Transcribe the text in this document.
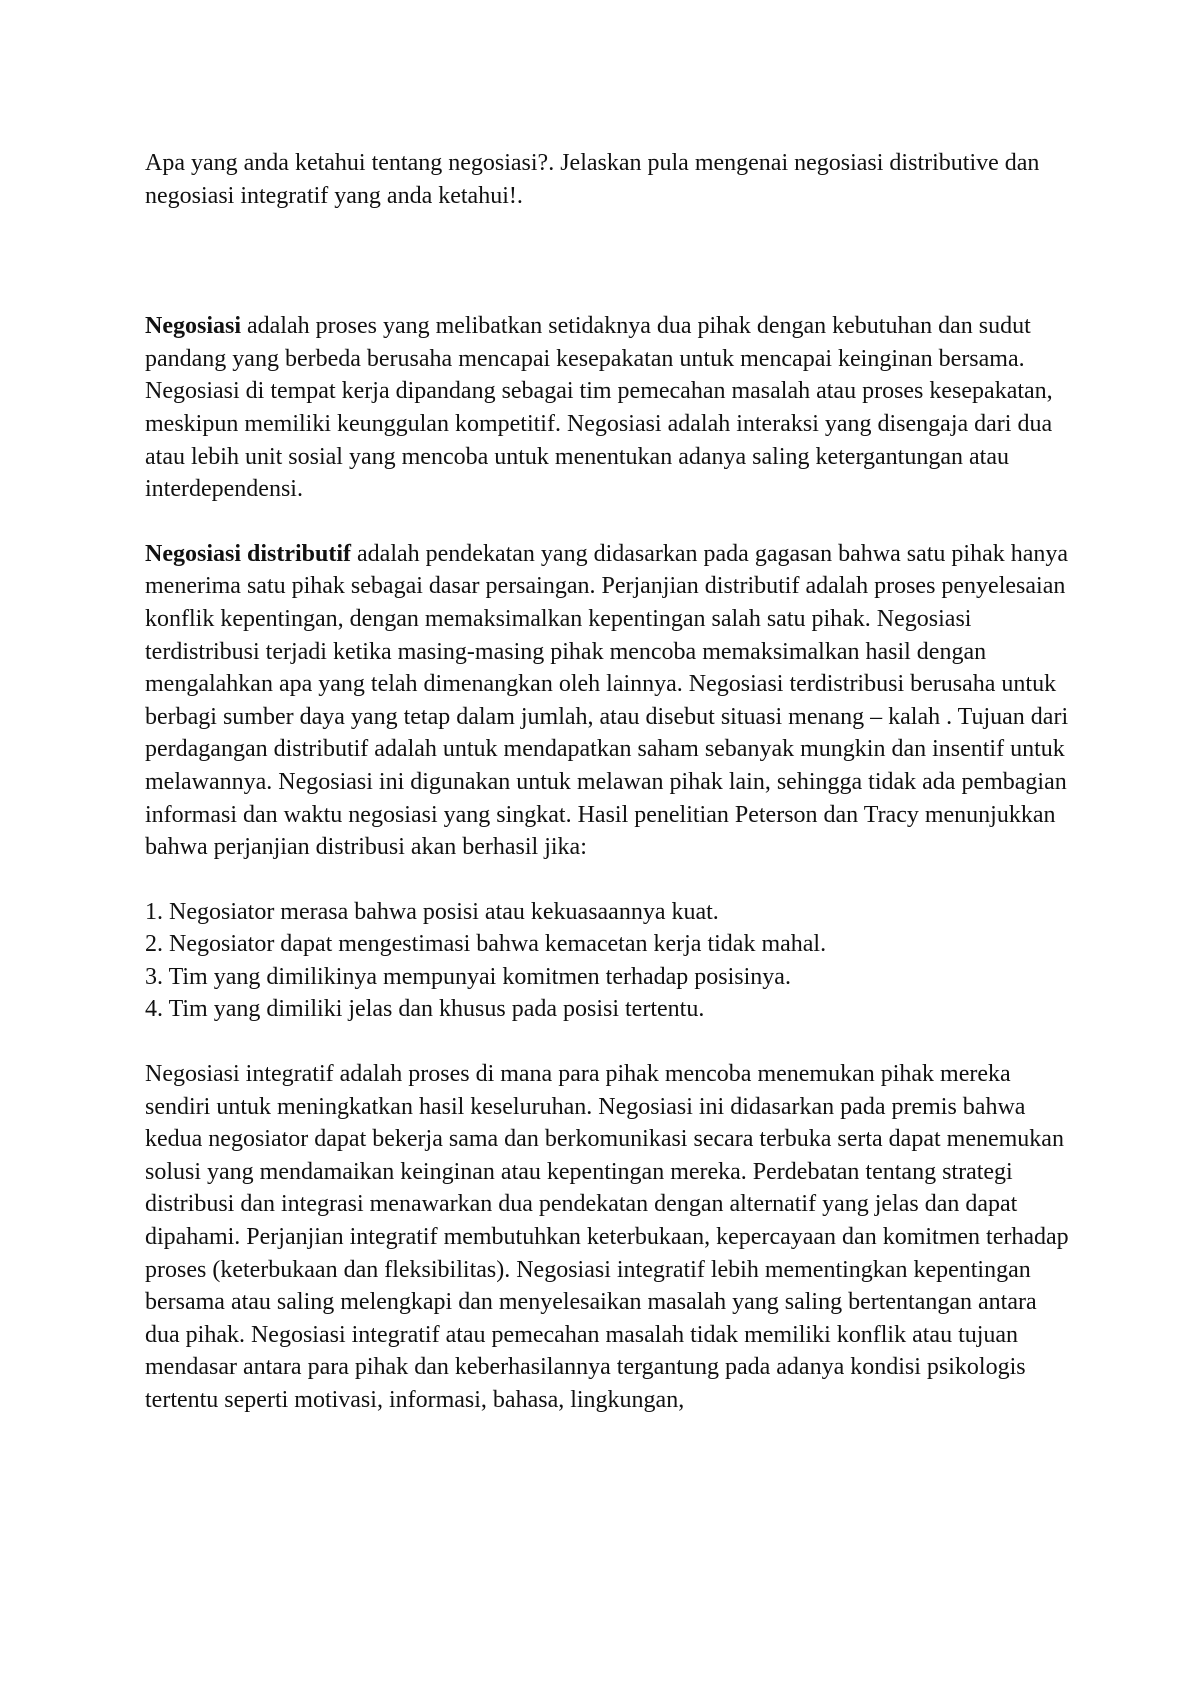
Apa yang anda ketahui tentang negosiasi?. Jelaskan pula mengenai negosiasi distributive dan negosiasi integratif yang anda ketahui!.

Negosiasi adalah proses yang melibatkan setidaknya dua pihak dengan kebutuhan dan sudut pandang yang berbeda berusaha mencapai kesepakatan untuk mencapai keinginan bersama. Negosiasi di tempat kerja dipandang sebagai tim pemecahan masalah atau proses kesepakatan, meskipun memiliki keunggulan kompetitif. Negosiasi adalah interaksi yang disengaja dari dua atau lebih unit sosial yang mencoba untuk menentukan adanya saling ketergantungan atau interdependensi.

Negosiasi distributif adalah pendekatan yang didasarkan pada gagasan bahwa satu pihak hanya menerima satu pihak sebagai dasar persaingan. Perjanjian distributif adalah proses penyelesaian konflik kepentingan, dengan memaksimalkan kepentingan salah satu pihak. Negosiasi terdistribusi terjadi ketika masing-masing pihak mencoba memaksimalkan hasil dengan mengalahkan apa yang telah dimenangkan oleh lainnya. Negosiasi terdistribusi berusaha untuk berbagi sumber daya yang tetap dalam jumlah, atau disebut situasi menang – kalah . Tujuan dari perdagangan distributif adalah untuk mendapatkan saham sebanyak mungkin dan insentif untuk melawannya. Negosiasi ini digunakan untuk melawan pihak lain, sehingga tidak ada pembagian informasi dan waktu negosiasi yang singkat. Hasil penelitian Peterson dan Tracy menunjukkan bahwa perjanjian distribusi akan berhasil jika:

1. Negosiator merasa bahwa posisi atau kekuasaannya kuat.
2. Negosiator dapat mengestimasi bahwa kemacetan kerja tidak mahal.
3. Tim yang dimilikinya mempunyai komitmen terhadap posisinya.
4. Tim yang dimiliki jelas dan khusus pada posisi tertentu.

Negosiasi integratif adalah proses di mana para pihak mencoba menemukan pihak mereka sendiri untuk meningkatkan hasil keseluruhan. Negosiasi ini didasarkan pada premis bahwa kedua negosiator dapat bekerja sama dan berkomunikasi secara terbuka serta dapat menemukan solusi yang mendamaikan keinginan atau kepentingan mereka. Perdebatan tentang strategi distribusi dan integrasi menawarkan dua pendekatan dengan alternatif yang jelas dan dapat dipahami. Perjanjian integratif membutuhkan keterbukaan, kepercayaan dan komitmen terhadap proses (keterbukaan dan fleksibilitas). Negosiasi integratif lebih mementingkan kepentingan bersama atau saling melengkapi dan menyelesaikan masalah yang saling bertentangan antara dua pihak. Negosiasi integratif atau pemecahan masalah tidak memiliki konflik atau tujuan mendasar antara para pihak dan keberhasilannya tergantung pada adanya kondisi psikologis tertentu seperti motivasi, informasi, bahasa, lingkungan,
